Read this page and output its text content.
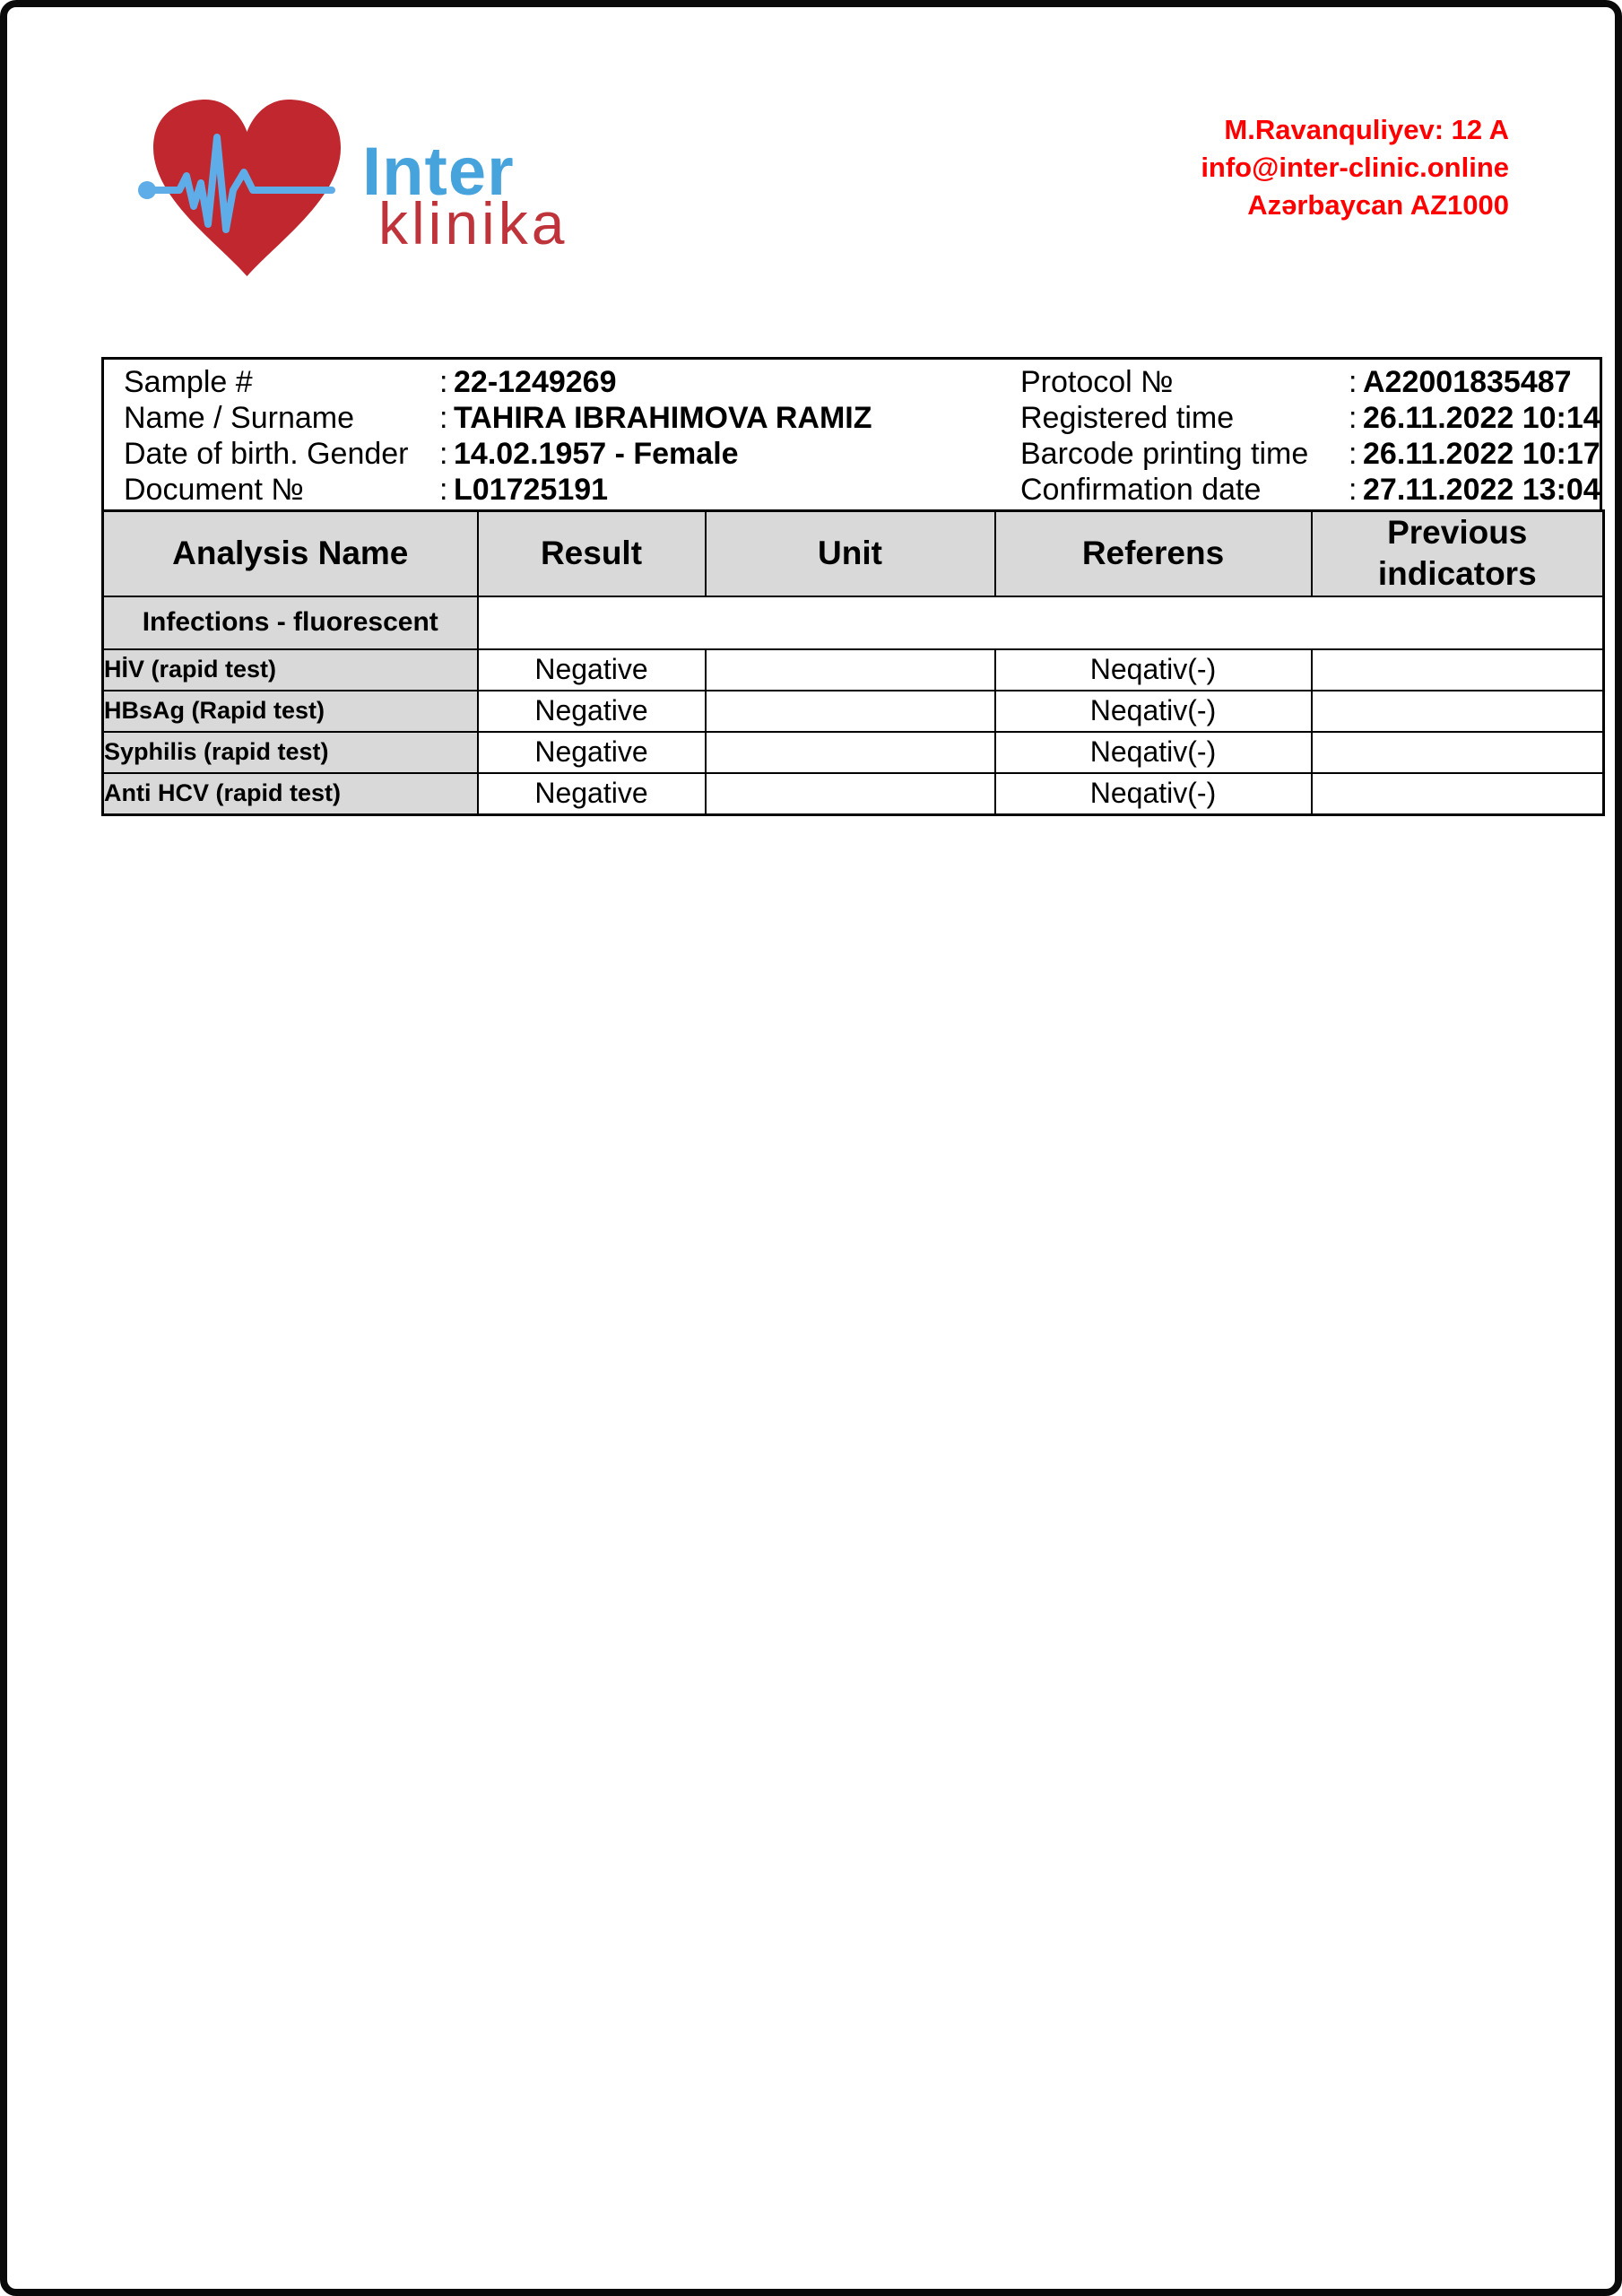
Inter
klinika
M.Ravanquliyev: 12 A
info@inter-clinic.online
Azərbaycan AZ1000
Sample #	: 22-1249269
Name / Surname	: TAHIRA IBRAHIMOVA RAMIZ
Date of birth. Gender	: 14.02.1957 - Female
Document №	: L01725191
Protocol №	: A22001835487
Registered time	: 26.11.2022 10:14
Barcode printing time	: 26.11.2022 10:17
Confirmation date	: 27.11.2022 13:04
Analysis Name	Result	Unit	Referens	Previous indicators
Infections - fluorescent				
HİV (rapid test)	Negative		Neqativ(-)	
HBsAg (Rapid test)	Negative		Neqativ(-)	
Syphilis (rapid test)	Negative		Neqativ(-)	
Anti HCV (rapid test)	Negative		Neqativ(-)	
